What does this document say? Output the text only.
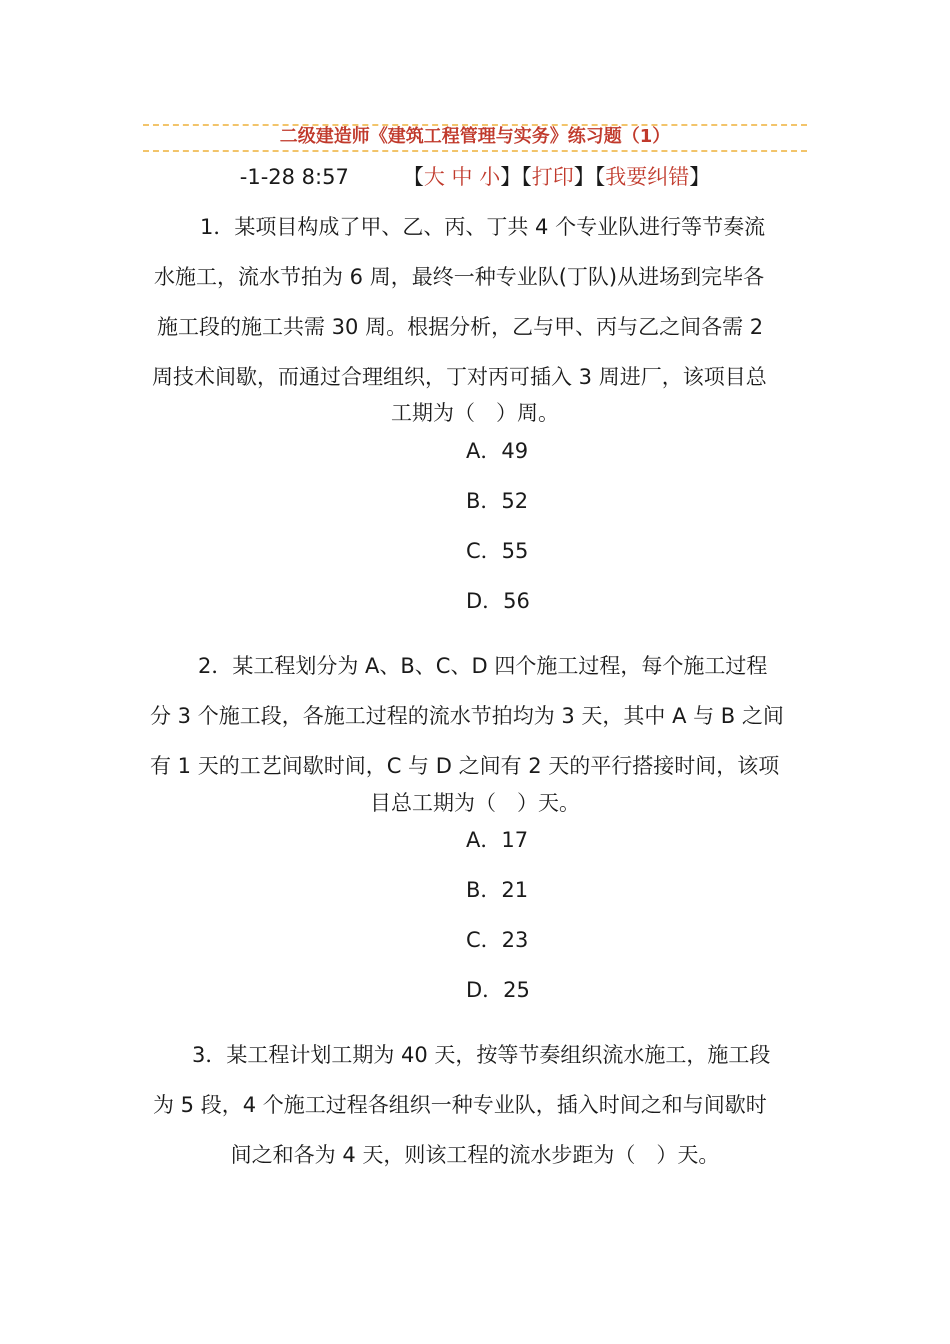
二级建造师《建筑工程管理与实务》练习题（1）
-1-28 8:57	【大 中 小】【打印】【我要纠错】
1．某项目构成了甲、乙、丙、丁共 4 个专业队进行等节奏流
水施工，流水节拍为 6 周，最终一种专业队(丁队)从进场到完毕各
施工段的施工共需 30 周。根据分析，乙与甲、丙与乙之间各需 2
周技术间歇，而通过合理组织，丁对丙可插入 3 周进厂，该项目总
工期为（　）周。
A．49
B．52
C．55
D．56
2．某工程划分为 A、B、C、D 四个施工过程，每个施工过程
分 3 个施工段，各施工过程的流水节拍均为 3 天，其中 A 与 B 之间
有 1 天的工艺间歇时间，C 与 D 之间有 2 天的平行搭接时间，该项
目总工期为（　）天。
A．17
B．21
C．23
D．25
3．某工程计划工期为 40 天，按等节奏组织流水施工，施工段
为 5 段，4 个施工过程各组织一种专业队，插入时间之和与间歇时
间之和各为 4 天，则该工程的流水步距为（　）天。
